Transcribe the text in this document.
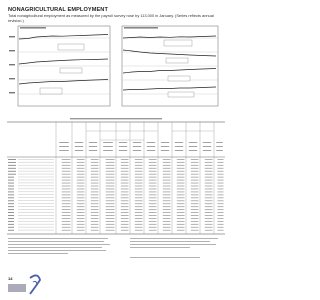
NONAGRICULTURAL EMPLOYMENT
Total nonagricultural employment as measured by the payroll survey rose by 113,000 in January. (Series reflects annual revision.)
14
